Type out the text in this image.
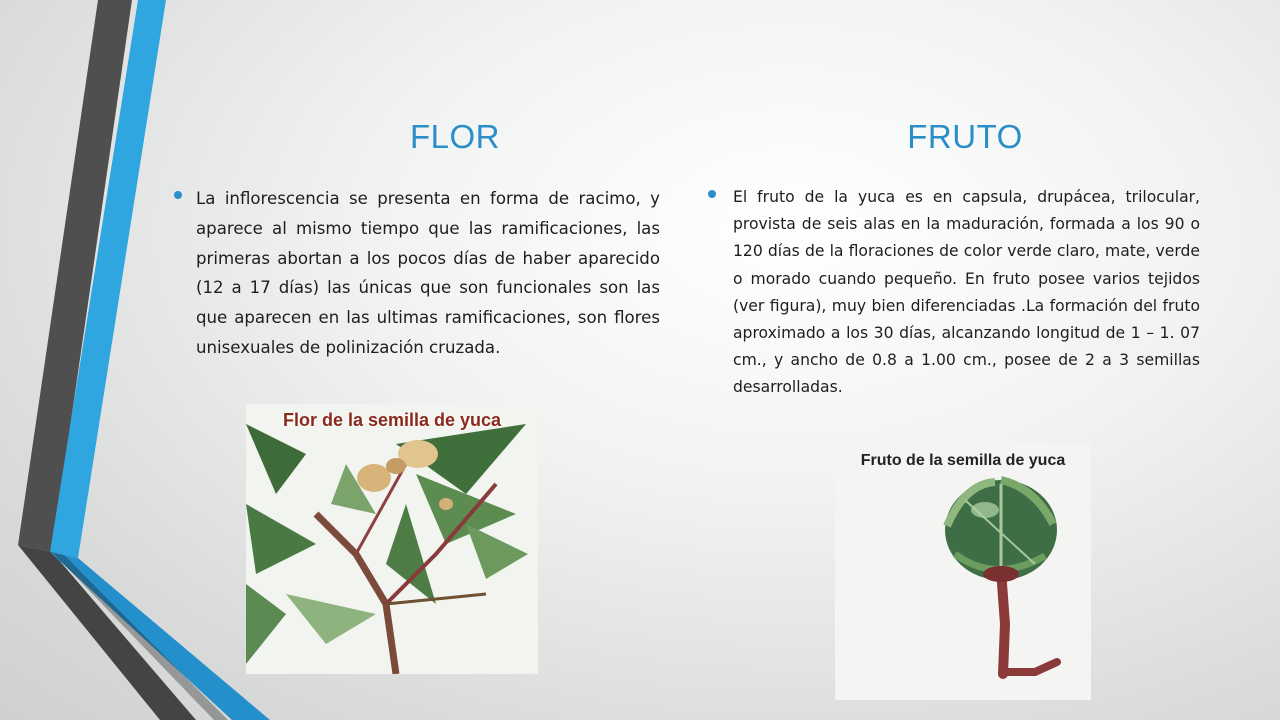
FLOR	FRUTO

La inflorescencia se presenta en forma de racimo, y aparece al mismo tiempo que las ramificaciones, las primeras abortan a los pocos días de haber aparecido (12 a 17 días) las únicas que son funcionales son las que aparecen en las ultimas ramificaciones, son flores unisexuales de polinización cruzada.

El fruto de la yuca es en capsula, drupácea, trilocular, provista de seis alas en la maduración, formada a los 90 o 120 días de la floraciones de color verde claro, mate, verde o morado cuando pequeño. En fruto posee varios tejidos (ver figura), muy bien diferenciadas .La formación del fruto aproximado a los 30 días, alcanzando longitud de 1 – 1. 07 cm., y ancho de 0.8 a 1.00 cm., posee de 2 a 3 semillas desarrolladas.

Flor de la semilla de yuca

Fruto de la semilla de yuca
